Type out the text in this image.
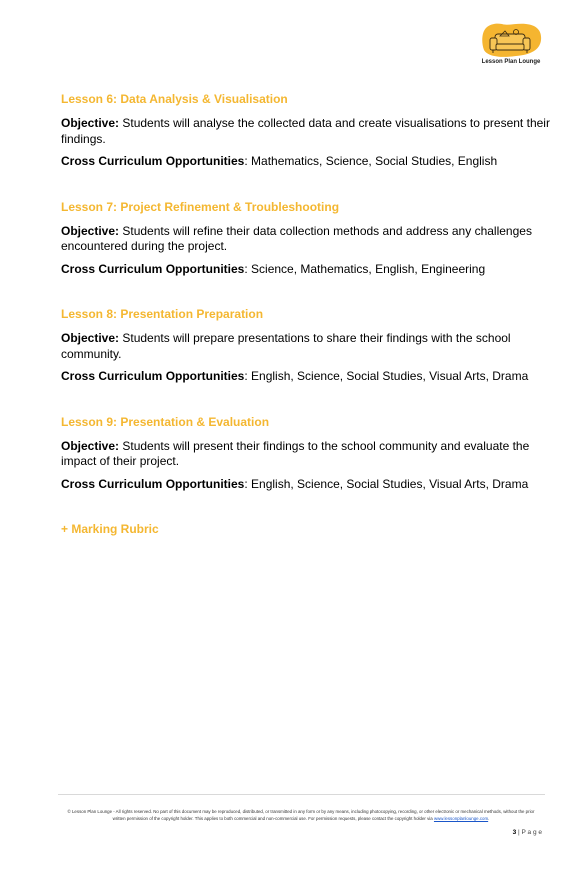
Lesson Plan Lounge
Lesson 6: Data Analysis & Visualisation
Objective: Students will analyse the collected data and create visualisations to present their findings.
Cross Curriculum Opportunities: Mathematics, Science, Social Studies, English
Lesson 7: Project Refinement & Troubleshooting
Objective: Students will refine their data collection methods and address any challenges encountered during the project.
Cross Curriculum Opportunities: Science, Mathematics, English, Engineering
Lesson 8: Presentation Preparation
Objective: Students will prepare presentations to share their findings with the school community.
Cross Curriculum Opportunities: English, Science, Social Studies, Visual Arts, Drama
Lesson 9: Presentation & Evaluation
Objective: Students will present their findings to the school community and evaluate the impact of their project.
Cross Curriculum Opportunities: English, Science, Social Studies, Visual Arts, Drama
+ Marking Rubric
© Lesson Plan Lounge - All rights reserved. No part of this document may be reproduced, distributed, or transmitted in any form or by any means, including photocopying, recording, or other electronic or mechanical methods, without the prior written permission of the copyright holder. This applies to both commercial and non-commercial use. For permission requests, please contact the copyright holder via www.lessonplanlounge.com.
3 | P a g e
